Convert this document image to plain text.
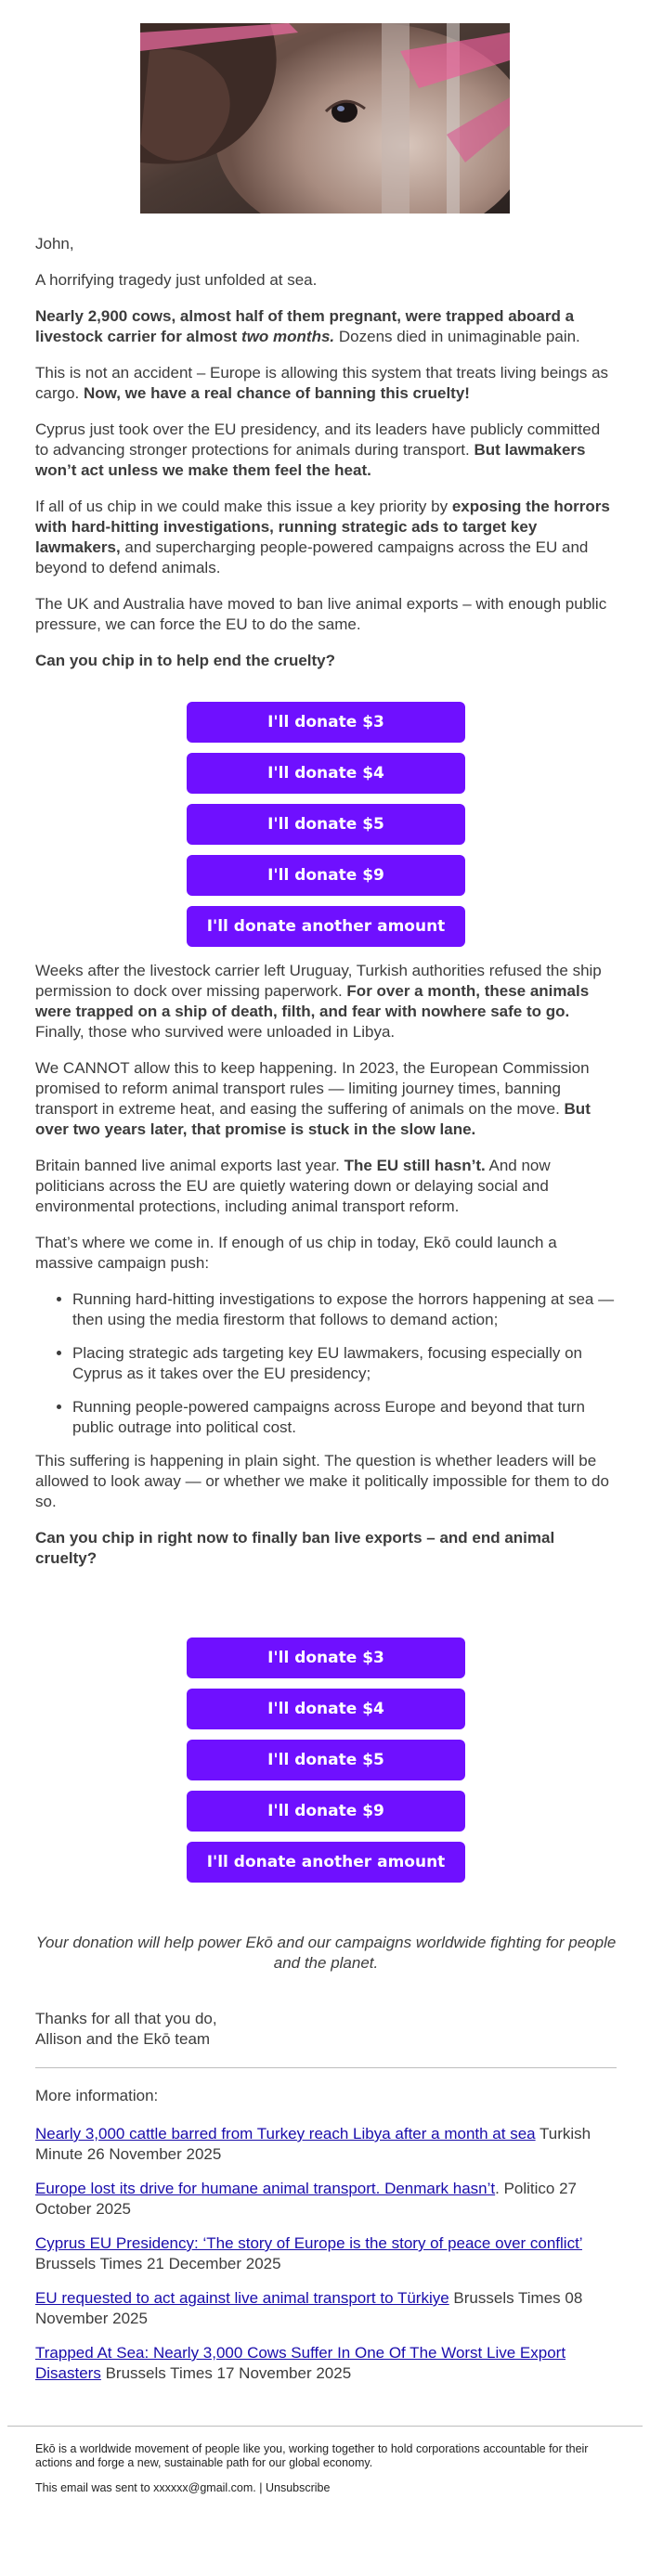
John,

A horrifying tragedy just unfolded at sea.

Nearly 2,900 cows, almost half of them pregnant, were trapped aboard a livestock carrier for almost two months. Dozens died in unimaginable pain.

This is not an accident – Europe is allowing this system that treats living beings as cargo. Now, we have a real chance of banning this cruelty!

Cyprus just took over the EU presidency, and its leaders have publicly committed to advancing stronger protections for animals during transport. But lawmakers won’t act unless we make them feel the heat.

If all of us chip in we could make this issue a key priority by exposing the horrors with hard-hitting investigations, running strategic ads to target key lawmakers, and supercharging people-powered campaigns across the EU and beyond to defend animals.

The UK and Australia have moved to ban live animal exports – with enough public pressure, we can force the EU to do the same.

Can you chip in to help end the cruelty?

I'll donate $3
I'll donate $4
I'll donate $5
I'll donate $9
I'll donate another amount

Weeks after the livestock carrier left Uruguay, Turkish authorities refused the ship permission to dock over missing paperwork. For over a month, these animals were trapped on a ship of death, filth, and fear with nowhere safe to go. Finally, those who survived were unloaded in Libya.

We CANNOT allow this to keep happening. In 2023, the European Commission promised to reform animal transport rules — limiting journey times, banning transport in extreme heat, and easing the suffering of animals on the move. But over two years later, that promise is stuck in the slow lane.

Britain banned live animal exports last year. The EU still hasn’t. And now politicians across the EU are quietly watering down or delaying social and environmental protections, including animal transport reform.

That’s where we come in. If enough of us chip in today, Ekō could launch a massive campaign push:

• Running hard-hitting investigations to expose the horrors happening at sea — then using the media firestorm that follows to demand action;
• Placing strategic ads targeting key EU lawmakers, focusing especially on Cyprus as it takes over the EU presidency;
• Running people-powered campaigns across Europe and beyond that turn public outrage into political cost.

This suffering is happening in plain sight. The question is whether leaders will be allowed to look away — or whether we make it politically impossible for them to do so.

Can you chip in right now to finally ban live exports – and end animal cruelty?

I'll donate $3
I'll donate $4
I'll donate $5
I'll donate $9
I'll donate another amount

Your donation will help power Ekō and our campaigns worldwide fighting for people and the planet.

Thanks for all that you do,
Allison and the Ekō team

More information:

Nearly 3,000 cattle barred from Turkey reach Libya after a month at sea Turkish Minute 26 November 2025

Europe lost its drive for humane animal transport. Denmark hasn’t. Politico 27 October 2025

Cyprus EU Presidency: ‘The story of Europe is the story of peace over conflict’ Brussels Times 21 December 2025

EU requested to act against live animal transport to Türkiye Brussels Times 08 November 2025

Trapped At Sea: Nearly 3,000 Cows Suffer In One Of The Worst Live Export Disasters Brussels Times 17 November 2025

Ekō is a worldwide movement of people like you, working together to hold corporations accountable for their actions and forge a new, sustainable path for our global economy.

This email was sent to xxxxxx@gmail.com. | Unsubscribe
